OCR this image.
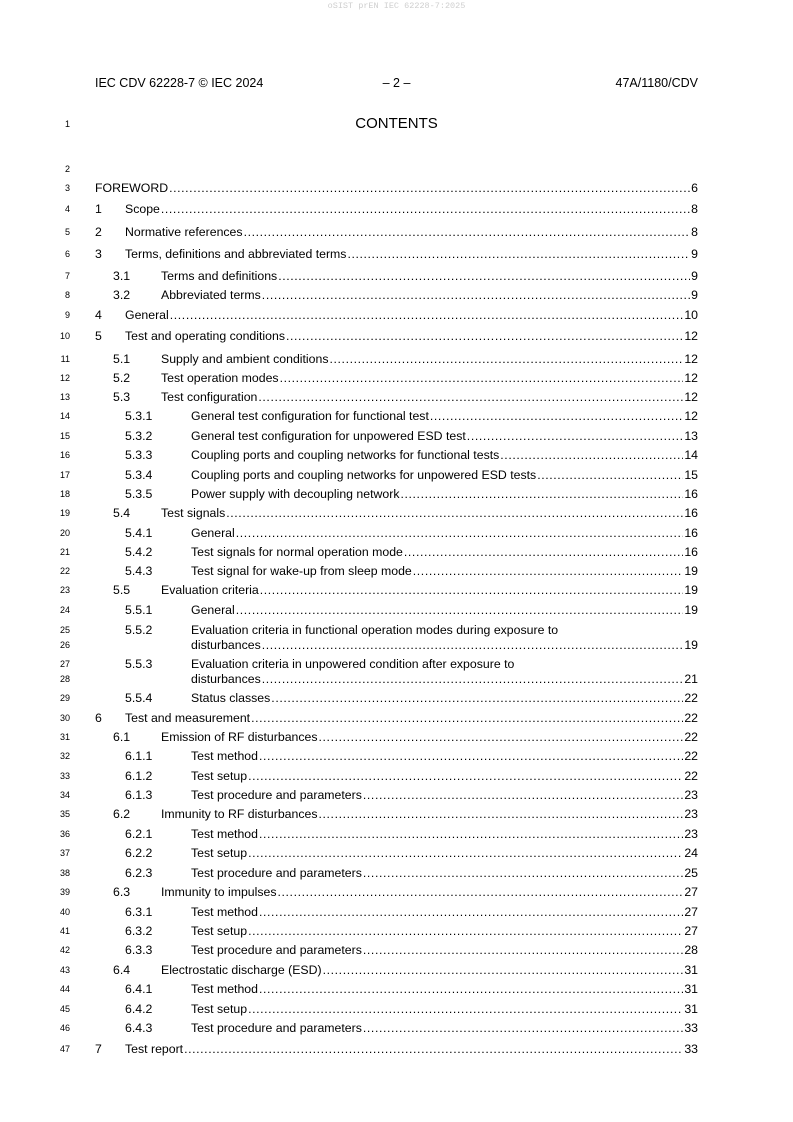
oSIST prEN IEC 62228-7:2025
IEC CDV 62228-7 © IEC 2024	– 2 –	47A/1180/CDV
1	CONTENTS
2
3 FOREWORD .....	6
4 1 Scope .....	8
5 2 Normative references .....	8
6 3 Terms, definitions and abbreviated terms .....	9
7	3.1	Terms and definitions .....	9
8	3.2	Abbreviated terms .....	9
9 4 General .....	10
10 5 Test and operating conditions .....	12
11	5.1	Supply and ambient conditions .....	12
12	5.2	Test operation modes .....	12
13	5.3	Test configuration .....	12
14	5.3.1	General test configuration for functional test .....	12
15	5.3.2	General test configuration for unpowered ESD test .....	13
16	5.3.3	Coupling ports and coupling networks for functional tests .....	14
17	5.3.4	Coupling ports and coupling networks for unpowered ESD tests .....	15
18	5.3.5	Power supply with decoupling network .....	16
19	5.4	Test signals .....	16
20	5.4.1	General .....	16
21	5.4.2	Test signals for normal operation mode .....	16
22	5.4.3	Test signal for wake-up from sleep mode .....	19
23	5.5	Evaluation criteria .....	19
24	5.5.1	General .....	19
25	5.5.2	Evaluation criteria in functional operation modes during exposure to
26	disturbances .....	19
27	5.5.3	Evaluation criteria in unpowered condition after exposure to
28	disturbances .....	21
29	5.5.4	Status classes .....	22
30 6 Test and measurement .....	22
31	6.1	Emission of RF disturbances .....	22
32	6.1.1	Test method .....	22
33	6.1.2	Test setup .....	22
34	6.1.3	Test procedure and parameters .....	23
35	6.2	Immunity to RF disturbances .....	23
36	6.2.1	Test method .....	23
37	6.2.2	Test setup .....	24
38	6.2.3	Test procedure and parameters .....	25
39	6.3	Immunity to impulses .....	27
40	6.3.1	Test method .....	27
41	6.3.2	Test setup .....	27
42	6.3.3	Test procedure and parameters .....	28
43	6.4	Electrostatic discharge (ESD) .....	31
44	6.4.1	Test method .....	31
45	6.4.2	Test setup .....	31
46	6.4.3	Test procedure and parameters .....	33
47 7 Test report .....	33
